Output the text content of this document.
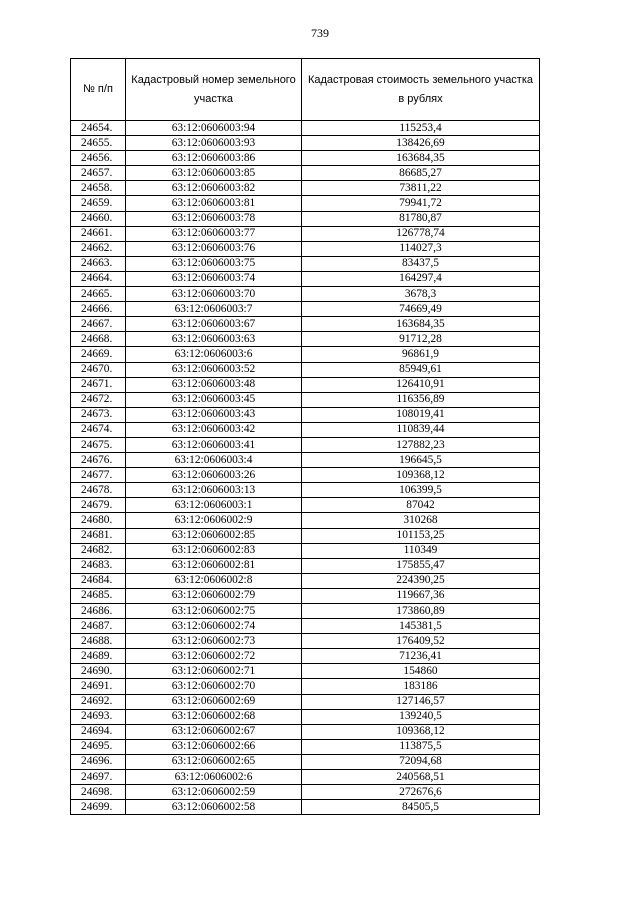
739
№ п/п	Кадастровый номер земельного участка	Кадастровая стоимость земельного участка в рублях
24654.	63:12:0606003:94	115253,4
24655.	63:12:0606003:93	138426,69
24656.	63:12:0606003:86	163684,35
24657.	63:12:0606003:85	86685,27
24658.	63:12:0606003:82	73811,22
24659.	63:12:0606003:81	79941,72
24660.	63:12:0606003:78	81780,87
24661.	63:12:0606003:77	126778,74
24662.	63:12:0606003:76	114027,3
24663.	63:12:0606003:75	83437,5
24664.	63:12:0606003:74	164297,4
24665.	63:12:0606003:70	3678,3
24666.	63:12:0606003:7	74669,49
24667.	63:12:0606003:67	163684,35
24668.	63:12:0606003:63	91712,28
24669.	63:12:0606003:6	96861,9
24670.	63:12:0606003:52	85949,61
24671.	63:12:0606003:48	126410,91
24672.	63:12:0606003:45	116356,89
24673.	63:12:0606003:43	108019,41
24674.	63:12:0606003:42	110839,44
24675.	63:12:0606003:41	127882,23
24676.	63:12:0606003:4	196645,5
24677.	63:12:0606003:26	109368,12
24678.	63:12:0606003:13	106399,5
24679.	63:12:0606003:1	87042
24680.	63:12:0606002:9	310268
24681.	63:12:0606002:85	101153,25
24682.	63:12:0606002:83	110349
24683.	63:12:0606002:81	175855,47
24684.	63:12:0606002:8	224390,25
24685.	63:12:0606002:79	119667,36
24686.	63:12:0606002:75	173860,89
24687.	63:12:0606002:74	145381,5
24688.	63:12:0606002:73	176409,52
24689.	63:12:0606002:72	71236,41
24690.	63:12:0606002:71	154860
24691.	63:12:0606002:70	183186
24692.	63:12:0606002:69	127146,57
24693.	63:12:0606002:68	139240,5
24694.	63:12:0606002:67	109368,12
24695.	63:12:0606002:66	113875,5
24696.	63:12:0606002:65	72094,68
24697.	63:12:0606002:6	240568,51
24698.	63:12:0606002:59	272676,6
24699.	63:12:0606002:58	84505,5
